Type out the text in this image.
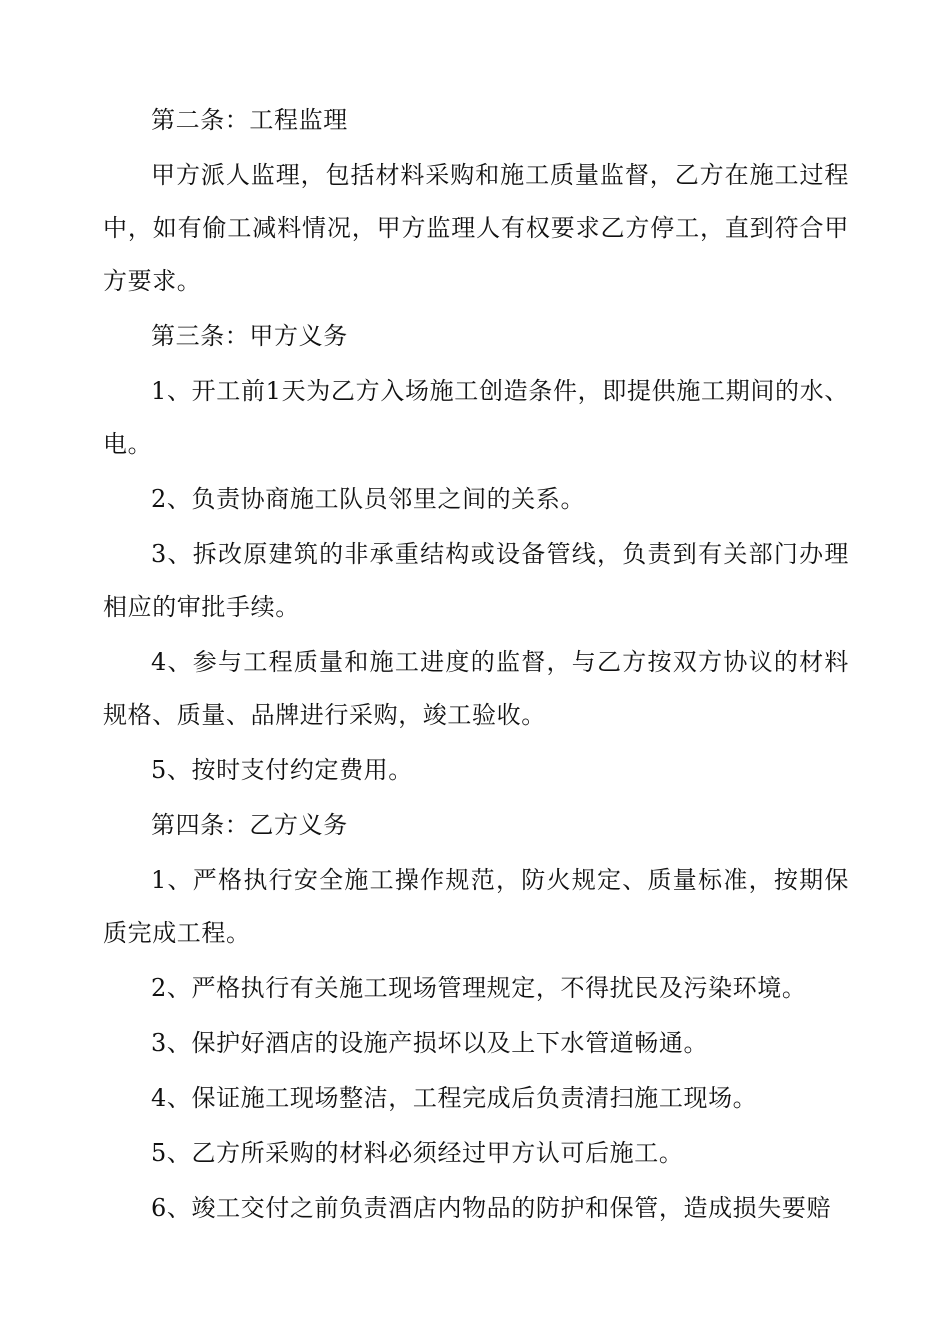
第二条：工程监理

甲方派人监理，包括材料采购和施工质量监督，乙方在施工过程中，如有偷工减料情况，甲方监理人有权要求乙方停工，直到符合甲方要求。

第三条：甲方义务

1、开工前1天为乙方入场施工创造条件，即提供施工期间的水、电。

2、负责协商施工队员邻里之间的关系。

3、拆改原建筑的非承重结构或设备管线，负责到有关部门办理相应的审批手续。

4、参与工程质量和施工进度的监督，与乙方按双方协议的材料规格、质量、品牌进行采购，竣工验收。

5、按时支付约定费用。

第四条：乙方义务

1、严格执行安全施工操作规范，防火规定、质量标准，按期保质完成工程。

2、严格执行有关施工现场管理规定，不得扰民及污染环境。

3、保护好酒店的设施产损坏以及上下水管道畅通。

4、保证施工现场整洁，工程完成后负责清扫施工现场。

5、乙方所采购的材料必须经过甲方认可后施工。

6、竣工交付之前负责酒店内物品的防护和保管，造成损失要赔
